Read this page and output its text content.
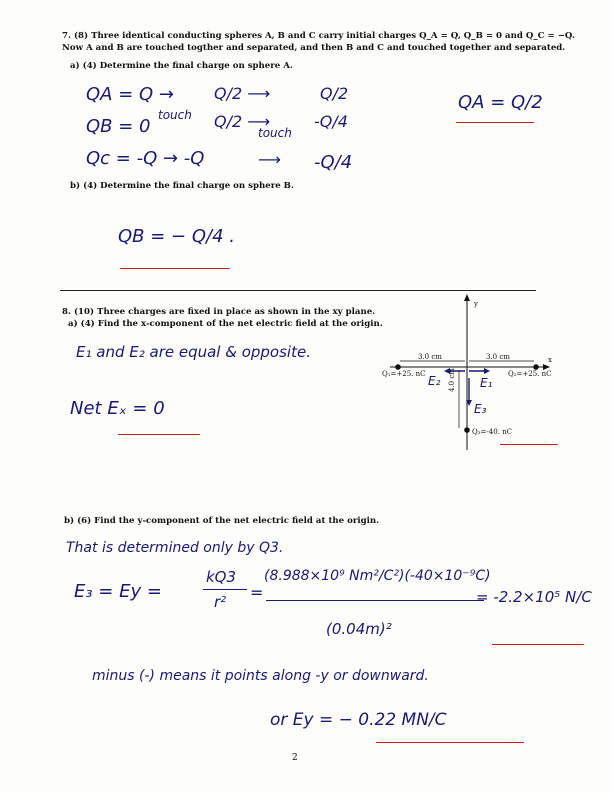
7. (8) Three identical conducting spheres A, B and C carry initial charges Q_A = Q, Q_B = 0 and Q_C = −Q.
Now A and B are touched togther and separated, and then B and C and touched together and separated.
a) (4) Determine the final charge on sphere A.
QA = Q →
QB = 0
Qc = -Q → -Q
touch
touch
Q/2 ⟶
Q/2 ⟶
⟶
Q/2
-Q/4
-Q/4
QA = Q/2
b) (4) Determine the final charge on sphere B.
QB = − Q/4 .
8. (10) Three charges are fixed in place as shown in the xy plane.
a) (4) Find the x-component of the net electric field at the origin.
E₁ and E₂ are equal & opposite.
Net Eₓ = 0
y
x
3.0 cm	3.0 cm
4.0 cm
Q₁=+25. nC	Q₂=+25. nC
Q₃=-40. nC
E₂	E₁
E₃
b) (6) Find the y-component of the net electric field at the origin.
That is determined only by Q3.
E₃ = Ey =
kQ3
r² =
(8.988×10⁹ Nm²/C²)(-40×10⁻⁹C)
(0.04m)²
= -2.2×10⁵ N/C
minus (-) means it points along -y or downward.
or Ey = − 0.22 MN/C
2
